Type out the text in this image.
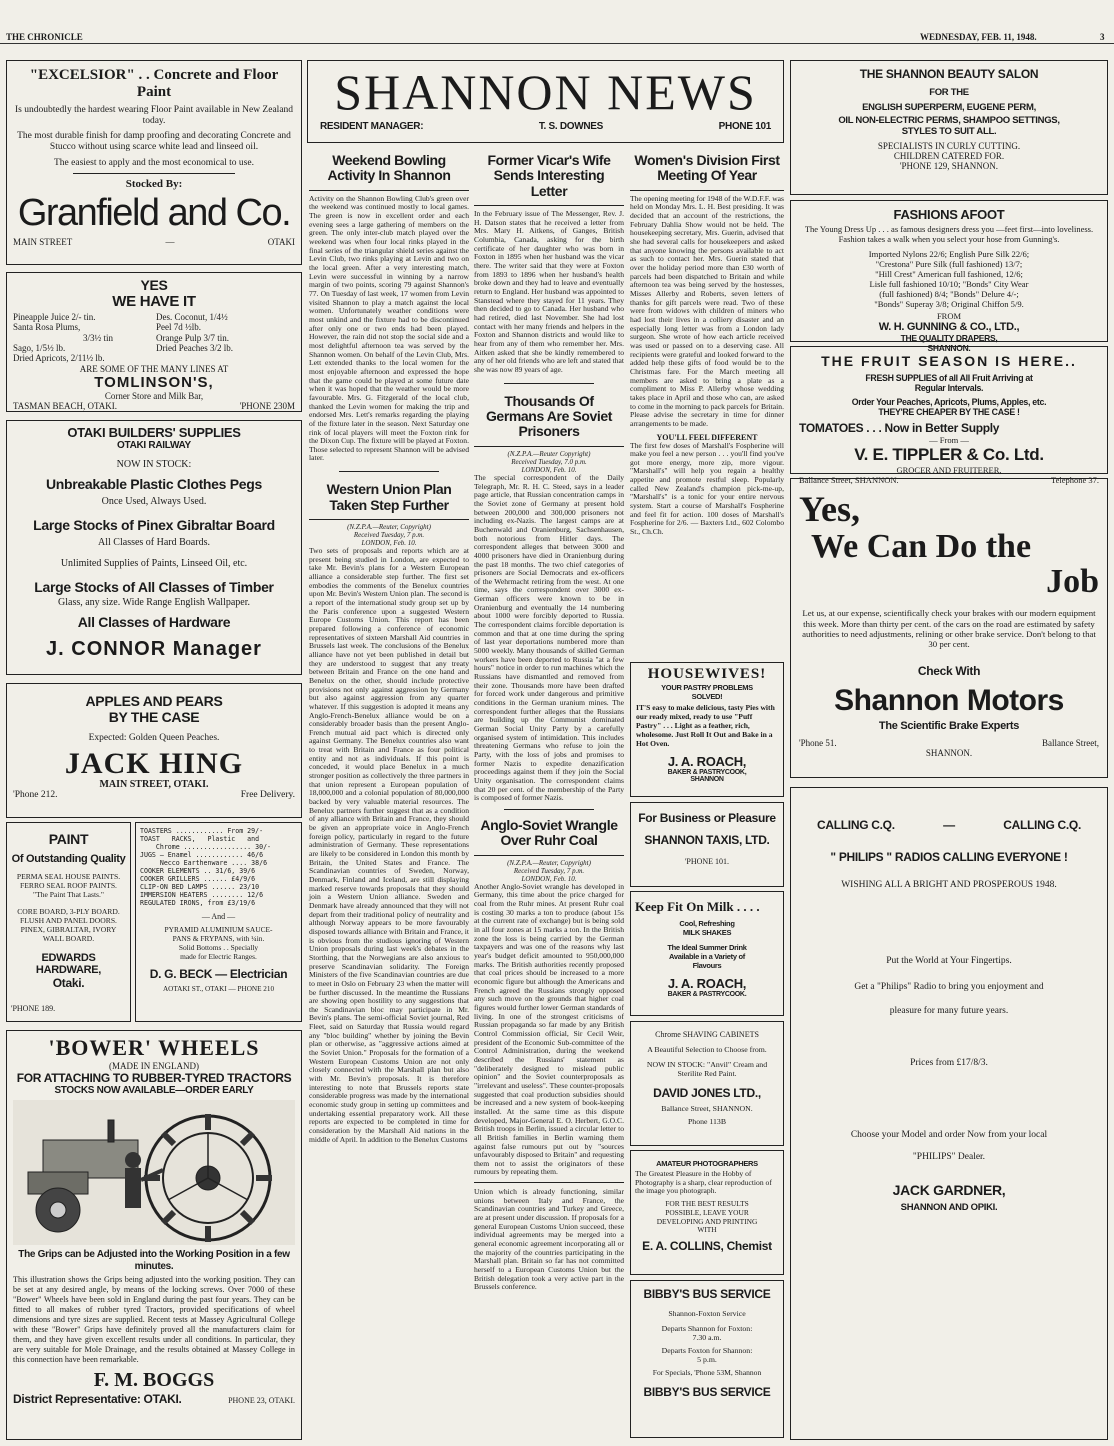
THE CHRONICLE	WEDNESDAY, FEB. 11, 1948.	3
"EXCELSIOR" . . Concrete and Floor Paint
Is undoubtedly the hardest wearing Floor Paint available in New Zealand today.
The most durable finish for damp proofing and decorating Concrete and Stucco without using scarce white lead and linseed oil.
The easiest to apply and the most economical to use.
Stocked By:
Granfield and Co.
MAIN STREET	—	OTAKI
YES
WE HAVE IT
Pineapple Juice 2/- tin.	Des. Coconut, 1/4½
Santa Rosa Plums,	Peel 7d ½lb.
3/3½ tin	Orange Pulp 3/7 tin.
Sago, 1/5½ lb.	Dried Peaches 3/2 lb.
Dried Apricots, 2/11½ lb.
ARE SOME OF THE MANY LINES AT
TOMLINSON'S,
Corner Store and Milk Bar,
TASMAN BEACH, OTAKI.	'PHONE 230M
OTAKI BUILDERS' SUPPLIES
OTAKI RAILWAY
NOW IN STOCK:
Unbreakable Plastic Clothes Pegs
Once Used, Always Used.
Large Stocks of Pinex Gibraltar Board
All Classes of Hard Boards.
Unlimited Supplies of Paints, Linseed Oil, etc.
Large Stocks of All Classes of Timber
Glass, any size. Wide Range English Wallpaper.
All Classes of Hardware
J. CONNOR Manager
APPLES AND PEARS
BY THE CASE
Expected: Golden Queen Peaches.
JACK HING
MAIN STREET, OTAKI.
'Phone 212.	Free Delivery.
PAINT
Of Outstanding Quality
PERMA SEAL HOUSE PAINTS.
FERRO SEAL ROOF PAINTS.
"The Paint That Lasts."
CORE BOARD, 3-PLY BOARD.
FLUSH AND PANEL DOORS.
PINEX, GIBRALTAR, IVORY
WALL BOARD.
EDWARDS HARDWARE,
Otaki.
'PHONE 189.
TOASTERS ............ From 29/-
TOAST   RACKS,   Plastic   and
Chrome ................. 30/-
JUGS — Enamel ............ 46/6
Necco Earthenware .... 38/6
COOKER ELEMENTS .. 31/6, 39/6
COOKER GRILLERS ...... £4/9/6
CLIP-ON BED LAMPS ...... 23/10
IMMERSION HEATERS ........ 12/6
REGULATED IRONS, from £3/19/6
— And —
PYRAMID ALUMINIUM SAUCE-
PANS & FRYPANS, with ¼in.
Solid Bottoms . . Specially
made for Electric Ranges.
D. G. BECK — Electrician
AOTAKI ST., OTAKI — PHONE 210
'BOWER' WHEELS
(MADE IN ENGLAND)
FOR ATTACHING TO RUBBER-TYRED TRACTORS
STOCKS NOW AVAILABLE—ORDER EARLY
The Grips can be Adjusted into the Working Position in a few minutes.
This illustration shows the Grips being adjusted into the working position. They can be set at any desired angle, by means of the locking screws. Over 7000 of these "Bower" Wheels have been sold in England during the past four years. They can be fitted to all makes of rubber tyred Tractors, provided specifications of wheel dimensions and tyre sizes are supplied. Recent tests at Massey Agricultural College with these "Bower" Grips have definitely proved all the manufacturers claim for them, and they have given excellent results under all conditions. In particular, they are very suitable for Mole Drainage, and the results obtained at Massey College in this connection have been remarkable.
F. M. BOGGS
District Representative: OTAKI.	PHONE 23, OTAKI.
SHANNON NEWS
RESIDENT MANAGER:	T. S. DOWNES	PHONE 101
Weekend Bowling Activity In Shannon
Activity on the Shannon Bowling Club's green over the weekend was continued mostly to local games. The green is now in excellent order and each evening sees a large gathering of members on the green. The only inter-club match played over the weekend was when four local rinks played in the final series of the triangular shield series against the Levin Club, two rinks playing at Levin and two on the local green. After a very interesting match, Levin were successful in winning by a narrow margin of two points, scoring 79 against Shannon's 77. On Tuesday of last week, 17 women from Levin visited Shannon to play a match against the local women. Unfortunately weather conditions were most unkind and the fixture had to be discontinued after only one or two ends had been played. However, the rain did not stop the social side and a most delightful afternoon tea was served by the Shannon women. On behalf of the Levin Club, Mrs. Lett extended thanks to the local women for the most enjoyable afternoon and expressed the hope that the game could be played at some future date when it was hoped that the weather would be more favourable. Mrs. G. Fitzgerald of the local club, thanked the Levin women for making the trip and endorsed Mrs. Lett's remarks regarding the playing of the fixture later in the season. Next Saturday one rink of local players will meet the Foxton rink for the Dixon Cup. The fixture will be played at Foxton. Those selected to represent Shannon will be advised later.
Western Union Plan Taken Step Further
(N.Z.P.A.—Reuter, Copyright)
Received Tuesday, 7 p.m.
LONDON, Feb. 10.
Two sets of proposals and reports which are at present being studied in London, are expected to take Mr. Bevin's plans for a Western European alliance a considerable step further. The first set embodies the comments of the Benelux countries upon Mr. Bevin's Western Union plan. The second is a report of the international study group set up by the Paris conference upon a suggested Western Europe Customs Union. This report has been prepared following a conference of economic representatives of sixteen Marshall Aid countries in Brussels last week. The conclusions of the Benelux alliance have not yet been published in detail but they are understood to suggest that any treaty between Britain and France on the one hand and Benelux on the other, should include protective provisions not only against aggression by Germany but also against aggression from any quarter whatever. If this suggestion is adopted it means any Anglo-French-Benelux alliance would be on a considerably broader basis than the present Anglo-French mutual aid pact which is directed only against Germany. The Benelux countries also want to treat with Britain and France as four political entity and not as individuals. If this point is conceded, it would place Benelux in a much stronger position as collectively the three partners in that union represent a European population of 18,000,000 and a colonial population of 80,000,000 backed by very valuable material resources. The Benelux partners further suggest that as a condition of any alliance with Britain and France, they should be given an appropriate voice in Anglo-French foreign policy, particularly in regard to the future administration of Germany. These representations are likely to be considered in London this month by Britain, the United States and France. The Scandinavian countries of Sweden, Norway, Denmark, Finland and Iceland, are still displaying marked reserve towards proposals that they should join a Western Union alliance. Sweden and Denmark have already announced that they will not depart from their traditional policy of neutrality and although Norway appears to be more favourably disposed towards alliance with Britain and France, it is obvious from the studious ignoring of Western Union proposals during last week's debates in the Storthing, that the Norwegians are also anxious to preserve Scandinavian solidarity. The Foreign Ministers of the five Scandinavian countries are due to meet in Oslo on February 23 when the matter will be further discussed. In the meantime the Russians are showing open hostility to any suggestions that the Scandinavian bloc may participate in Mr. Bevin's plans. The semi-official Soviet journal, Red Fleet, said on Saturday that Russia would regard any "bloc building" whether by joining the Bevin plan or otherwise, as "aggressive actions aimed at the Soviet Union." Proposals for the formation of a Western European Customs Union are not only closely connected with the Marshall plan but also with Mr. Bevin's proposals. It is therefore interesting to note that Brussels reports state considerable progress was made by the international economic study group in setting up committees and undertaking essential preparatory work. All these reports are expected to be completed in time for consideration by the Marshall Aid nations in the middle of April. In addition to the Benelux Customs
Former Vicar's Wife Sends Interesting Letter
In the February issue of The Messenger, Rev. J. H. Datson states that he received a letter from Mrs. Mary H. Aitkens, of Ganges, British Columbia, Canada, asking for the birth certificate of her daughter who was born in Foxton in 1895 when her husband was the vicar there. The writer said that they were at Foxton from 1893 to 1896 when her husband's health broke down and they had to leave and eventually return to England. Her husband was appointed to Stanstead where they stayed for 11 years. They then decided to go to Canada. Her husband who had retired, died last November. She had lost contact with her many friends and helpers in the Foxton and Shannon districts and would like to hear from any of them who remember her. Mrs. Aitken asked that she be kindly remembered to any of her old friends who are left and stated that she was now 89 years of age.
Thousands Of Germans Are Soviet Prisoners
(N.Z.P.A.—Reuter Copyright)
Received Tuesday, 7.0 p.m.
LONDON, Feb. 10.
The special correspondent of the Daily Telegraph, Mr. R. H. C. Steed, says in a leader page article, that Russian concentration camps in the Soviet zone of Germany at present hold between 200,000 and 300,000 prisoners not including ex-Nazis. The largest camps are at Buchenwald and Oranienburg, Sachsenhausen, both notorious from Hitler days. The correspondent alleges that between 3000 and 4000 prisoners have died in Oranienburg during the past 18 months. The two chief categories of prisoners are Social Democrats and ex-officers of the Wehrmacht retiring from the west. At one time, says the correspondent over 3000 ex-German officers were known to be in Oranienburg and eventually the 14 numbering about 1000 were forcibly deported to Russia. The correspondent claims forcible deportation is common and that at one time during the spring of last year deportations numbered more than 5000 weekly. Many thousands of skilled German workers have been deported to Russia "at a few hours" notice in order to run machines which the Russians have dismantled and removed from their zone. Thousands more have been drafted for forced work under dangerous and primitive conditions in the German uranium mines. The correspondent further alleges that the Russians are building up the Communist dominated German Social Unity Party by a carefully organised system of intimidation. This includes threatening Germans who refuse to join the Party, with the loss of jobs and promises to former Nazis to expedite denazification proceedings against them if they join the Social Unity organisation. The correspondent claims that 20 per cent. of the membership of the Party is composed of former Nazis.
Anglo-Soviet Wrangle Over Ruhr Coal
(N.Z.P.A.—Reuter, Copyright)
Received Tuesday, 7 p.m.
LONDON, Feb. 10.
Another Anglo-Soviet wrangle has developed in Germany, this time about the price charged for coal from the Ruhr mines. At present Ruhr coal is costing 30 marks a ton to produce (about 15s at the current rate of exchange) but is being sold in all four zones at 15 marks a ton. In the British zone the loss is being carried by the German taxpayers and was one of the reasons why last year's budget deficit amounted to 950,000,000 marks. The British authorities recently proposed that coal prices should be increased to a more economic figure but although the Americans and French agreed the Russians strongly opposed any such move on the grounds that higher coal figures would further lower German standards of living. In one of the strongest criticisms of Russian propaganda so far made by any British Control Commission official, Sir Cecil Weir, president of the Economic Sub-committee of the Control Administration, during the weekend described the Russians' statement as "deliberately designed to mislead public opinion" and the Soviet counterproposals as "irrelevant and useless". These counter-proposals suggested that coal production subsidies should be increased and a new system of book-keeping installed. At the same time as this dispute developed, Major-General E. O. Herbert, G.O.C. British troops in Berlin, issued a circular letter to all British families in Berlin warning them against false rumours put out by "sources unfavourably disposed to Britain" and requesting them not to assist the originators of these rumours by repeating them.
Union which is already functioning, similar unions between Italy and France, the Scandinavian countries and Turkey and Greece, are at present under discussion. If proposals for a general European Customs Union succeed, these individual agreements may be merged into a general economic agreement incorporating all or the majority of the countries participating in the Marshall plan. Britain so far has not committed herself to a European Customs Union but the British delegation took a very active part in the Brussels conference.
Women's Division First Meeting Of Year
The opening meeting for 1948 of the W.D.F.F. was held on Monday Mrs. L. H. Best presiding. It was decided that an account of the restrictions, the February Dahlia Show would not be held. The housekeeping secretary, Mrs. Guerin, advised that she had several calls for housekeepers and asked that anyone knowing the persons available to act as such to contact her. Mrs. Guerin stated that over the holiday period more than £30 worth of parcels had been dispatched to Britain and while afternoon tea was being served by the hostesses, Misses Allerby and Roberts, seven letters of thanks for gift parcels were read. Two of these were from widows with children of miners who had lost their lives in a colliery disaster and an especially long letter was from a London lady surgeon. She wrote of how each article received was used or passed on to a deserving case. All recipients were grateful and looked forward to the added help these gifts of food would be to the Christmas fare. For the March meeting all members are asked to bring a plate as a compliment to Miss P. Allerby whose wedding takes place in April and those who can, are asked to come in the morning to pack parcels for Britain. Please advise the secretary in time for dinner arrangements to be made.
YOU'LL FEEL DIFFERENT
The first few doses of Marshall's Fospherine will make you feel a new person . . . you'll find you've got more energy, more zip, more vigour. "Marshall's" will help you regain a healthy appetite and promote restful sleep. Popularly called New Zealand's champion pick-me-up, "Marshall's" is a tonic for your entire nervous system. Start a course of Marshall's Fospherine and feel fit for action. 100 doses of Marshall's Fospherine for 2/6. — Baxters Ltd., 602 Colombo St., Ch.Ch.
HOUSEWIVES!
YOUR PASTRY PROBLEMS
SOLVED!
IT'S easy to make delicious, tasty Pies with our ready mixed, ready to use "Puff Pastry" . . . Light as a feather, rich, wholesome. Just Roll It Out and Bake in a Hot Oven.
J. A. ROACH,
BAKER & PASTRYCOOK,
SHANNON
For Business or Pleasure
SHANNON TAXIS, LTD.
'PHONE 101.
Keep Fit On Milk . . . .
Cool, Refreshing
MILK SHAKES
The Ideal Summer Drink
Available in a Variety of
Flavours
J. A. ROACH,
BAKER & PASTRYCOOK.
Chrome SHAVING CABINETS
A Beautiful Selection to Choose from.
NOW IN STOCK: "Anvil" Cream and Sterilite Red Paint.
DAVID JONES LTD.,
Ballance Street, SHANNON.
Phone 113B
AMATEUR PHOTOGRAPHERS
The Greatest Pleasure in the Hobby of Photography is a sharp, clear reproduction of the image you photograph.
FOR THE BEST RESULTS
POSSIBLE, LEAVE YOUR
DEVELOPING AND PRINTING
WITH
E. A. COLLINS, Chemist
BIBBY'S BUS SERVICE
Shannon-Foxton Service
Departs Shannon for Foxton:
7.30 a.m.
Departs Foxton for Shannon:
5 p.m.
For Specials, 'Phone 53M, Shannon
BIBBY'S BUS SERVICE
THE SHANNON BEAUTY SALON
FOR THE
ENGLISH SUPERPERM, EUGENE PERM,
OIL NON-ELECTRIC PERMS, SHAMPOO SETTINGS,
STYLES TO SUIT ALL.
SPECIALISTS IN CURLY CUTTING.
CHILDREN CATERED FOR.
'PHONE 129, SHANNON.
FASHIONS AFOOT
The Young Dress Up . . . as famous designers dress you —feet first—into loveliness. Fashion takes a walk when you select your hose from Gunning's.
Imported Nylons 22/6; English Pure Silk 22/6;
"Crestona" Pure Silk (full fashioned) 13/7;
"Hill Crest" American full fashioned, 12/6;
Lisle full fashioned 10/10; "Bonds" City Wear
(full fashioned) 8/4; "Bonds" Delure 4/-;
"Bonds" Superay 3/8; Original Chiffon 5/9.
FROM
W. H. GUNNING & CO., LTD.,
THE QUALITY DRAPERS,
SHANNON.
THE FRUIT SEASON IS HERE..
FRESH SUPPLIES of all All Fruit Arriving at
Regular Intervals.
Order Your Peaches, Apricots, Plums, Apples, etc.
THEY'RE CHEAPER BY THE CASE !
TOMATOES . . . Now in Better Supply
— From —
V. E. TIPPLER & Co. Ltd.
GROCER AND FRUITERER,
Ballance Street, SHANNON.	Telephone 37.
Yes,
We Can Do the
Job
Let us, at our expense, scientifically check your brakes with our modern equipment this week. More than thirty per cent. of the cars on the road are estimated by safety authorities to need adjustments, relining or other brake service. Don't belong to that 30 per cent.
Check With
Shannon Motors
The Scientific Brake Experts
'Phone 51.	Ballance Street,
SHANNON.
CALLING C.Q.	—	CALLING C.Q.
" PHILIPS " RADIOS CALLING EVERYONE !
WISHING ALL A BRIGHT AND PROSPEROUS 1948.
Put the World at Your Fingertips.
Get a "Philips" Radio to bring you enjoyment and
pleasure for many future years.
Prices from £17/8/3.
Choose your Model and order Now from your local
"PHILIPS" Dealer.
JACK GARDNER,
SHANNON AND OPIKI.
